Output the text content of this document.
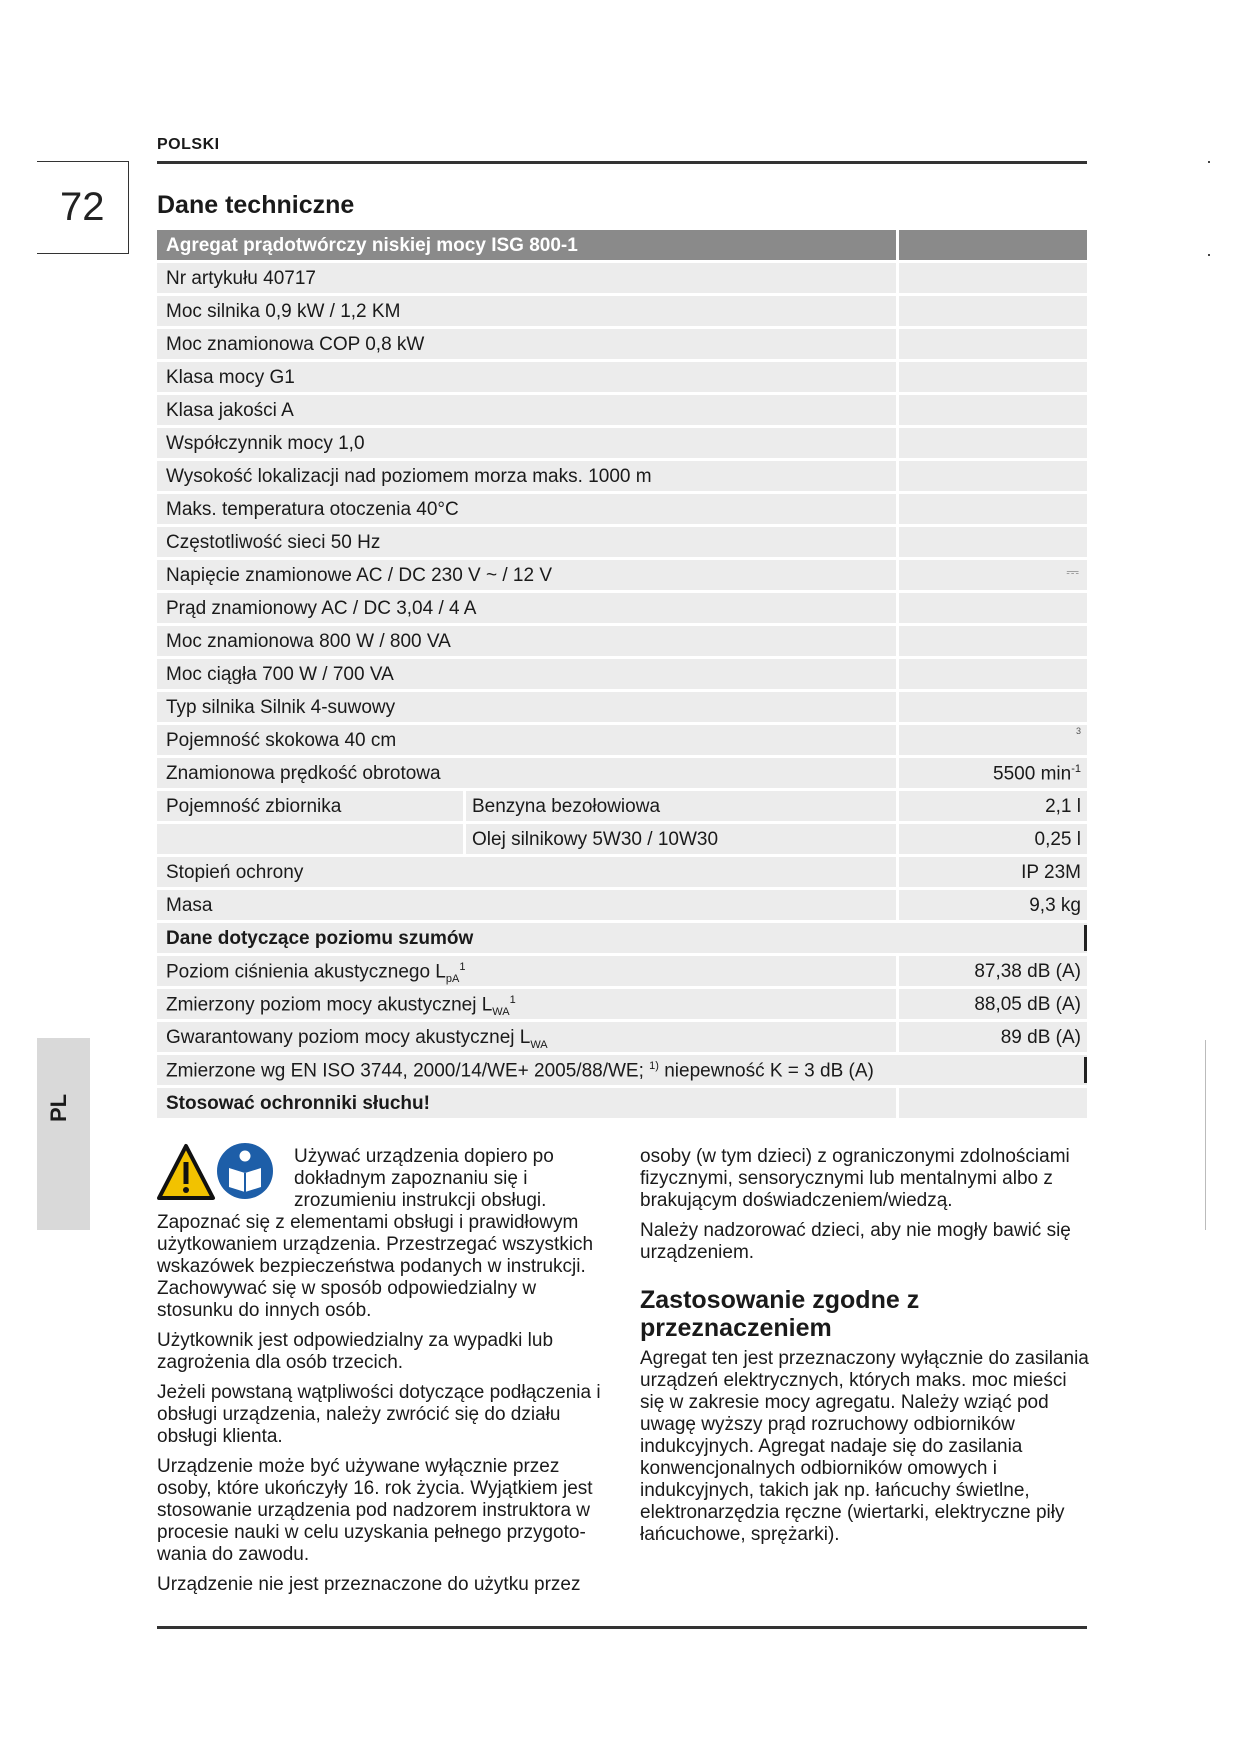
POLSKI
72 Dane techniczne
Agregat prądotwórczy niskiej mocy ISG 800-1
Nr artykułu 40717
Moc silnika 0,9 kW / 1,2 KM
Moc znamionowa COP 0,8 kW
Klasa mocy G1
Klasa jakości A
Współczynnik mocy 1,0
Wysokość lokalizacji nad poziomem morza maks. 1000 m
Maks. temperatura otoczenia 40°C
Częstotliwość sieci 50 Hz
Napięcie znamionowe AC / DC 230 V ~ / 12 V	⎓
Prąd znamionowy AC / DC 3,04 / 4 A
Moc znamionowa 800 W / 800 VA
Moc ciągła 700 W / 700 VA
Typ silnika Silnik 4-suwowy
Pojemność skokowa 40 cm	3
Znamionowa prędkość obrotowa	5500 $\min^{-1}$
Pojemność zbiornika	Benzyna bezołowiowa	2,1 l
Olej silnikowy 5W30 / 10W30	0,25 l
Stopień ochrony	IP 23M
Masa	9,3 kg
Dane dotyczące poziomu szumów
Poziom ciśnienia akustycznego $L_{pA}^1$	87,38 dB (A)
Zmierzony poziom mocy akustycznej $L_{WA}^1$	88,05 dB (A)
Gwarantowany poziom mocy akustycznej $L_{WA}$	89 dB (A)
Zmierzone wg EN ISO 3744, 2000/14/WE+ 2005/88/WE; $^{1)}$ niepewność K = 3 dB (A)
Stosować ochronniki słuchu!
PL

Używać urządzenia dopiero po dokładnym zapoznaniu się i zrozumieniu instrukcji obsługi.

Zapoznać się z elementami obsługi i prawidłowym użytkowaniem urządzenia. Przestrzegać wszystkich wskazówek bezpieczeństwa podanych w instrukcji. Zachowywać się w sposób odpowiedzialny w stosunku do innych osób.

Użytkownik jest odpowiedzialny za wypadki lub zagrożenia dla osób trzecich.

Jeżeli powstaną wątpliwości dotyczące podłączenia i obsługi urządzenia, należy zwrócić się do działu obsługi klienta.

Urządzenie może być używane wyłącznie przez osoby, które ukończyły 16. rok życia. Wyjątkiem jest stosowanie urządzenia pod nadzorem instruktora w procesie nauki w celu uzyskania pełnego przygoto-wania do zawodu.

Urządzenie nie jest przeznaczone do użytku przez

osoby (w tym dzieci) z ograniczonymi zdolnościami fizycznymi, sensorycznymi lub mentalnymi albo z brakującym doświadczeniem/wiedzą.

Należy nadzorować dzieci, aby nie mogły bawić się urządzeniem.

Zastosowanie zgodne z przeznaczeniem

Agregat ten jest przeznaczony wyłącznie do zasilania urządzeń elektrycznych, których maks. moc mieści się w zakresie mocy agregatu. Należy wziąć pod uwagę wyższy prąd rozruchowy odbiorników indukcyjnych. Agregat nadaje się do zasilania konwencjonalnych odbiorników omowych i indukcyjnych, takich jak np. łańcuchy świetlne, elektronarzędzia ręczne (wiertarki, elektryczne piły łańcuchowe, sprężarki).
